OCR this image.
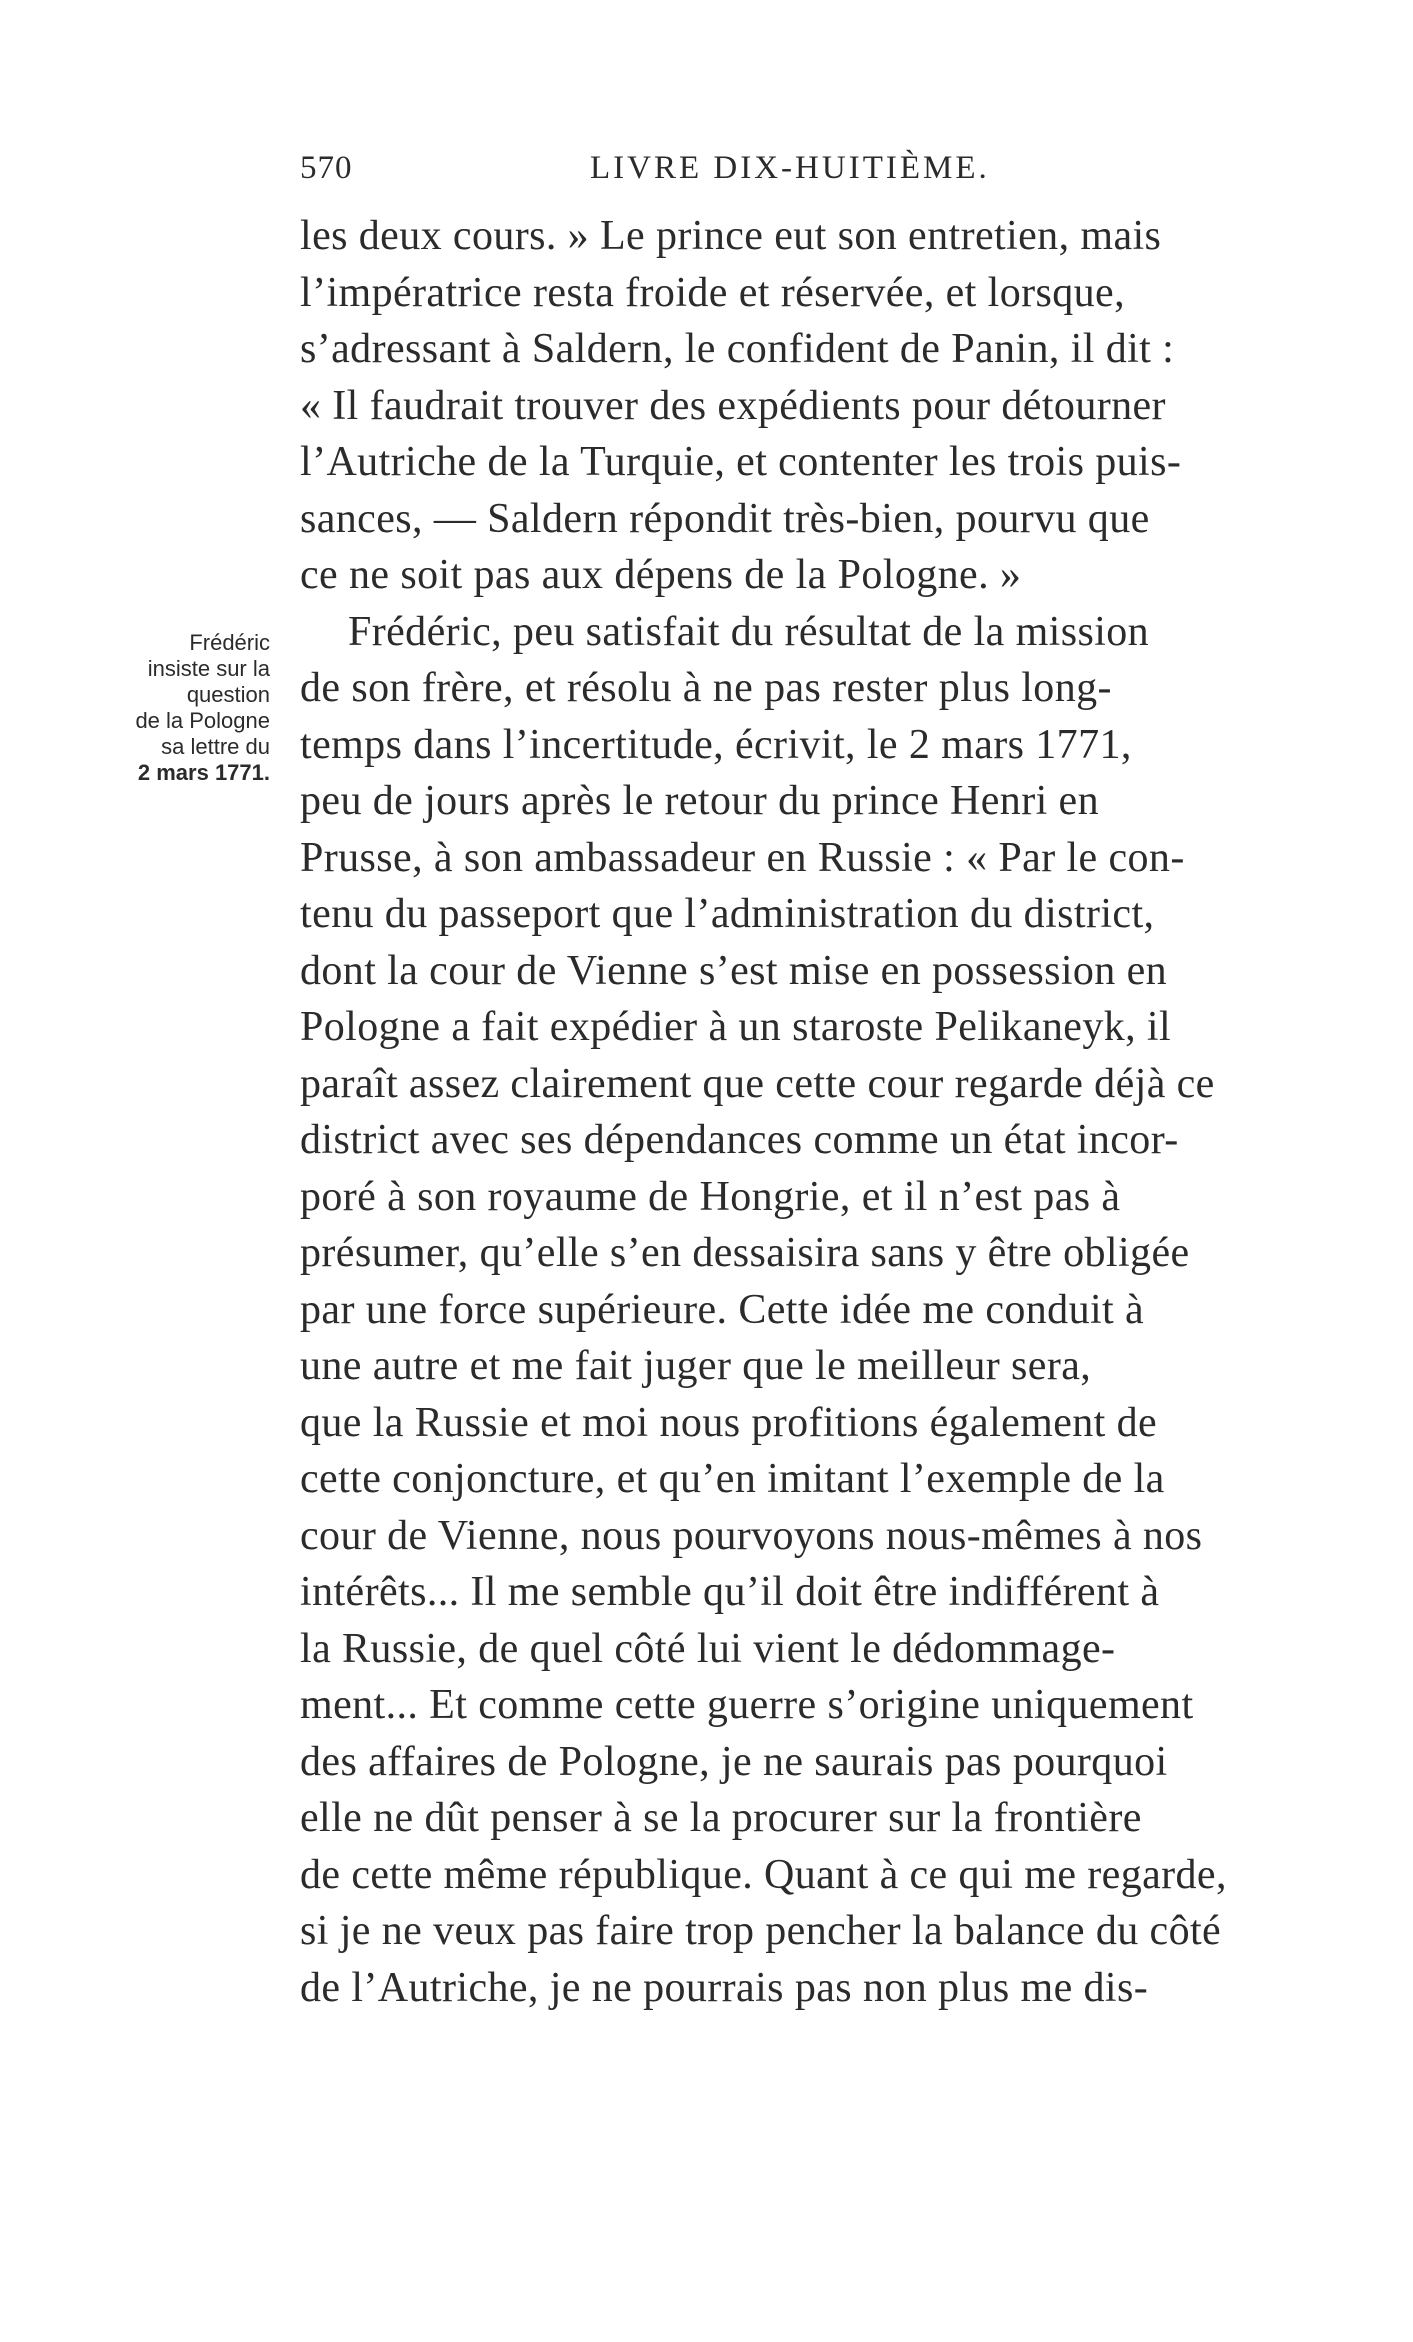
570	LIVRE DIX-HUITIÈME.
Frédéric
insiste sur la
question
de la Pologne
sa lettre du
2 mars 1771.
les deux cours. » Le prince eut son entretien, mais
l’impératrice resta froide et réservée, et lorsque,
s’adressant à Saldern, le confident de Panin, il dit :
« Il faudrait trouver des expédients pour détourner
l’Autriche de la Turquie, et contenter les trois puis-
sances, — Saldern répondit très-bien, pourvu que
ce ne soit pas aux dépens de la Pologne. »
Frédéric, peu satisfait du résultat de la mission
de son frère, et résolu à ne pas rester plus long-
temps dans l’incertitude, écrivit, le 2 mars 1771,
peu de jours après le retour du prince Henri en
Prusse, à son ambassadeur en Russie : « Par le con-
tenu du passeport que l’administration du district,
dont la cour de Vienne s’est mise en possession en
Pologne a fait expédier à un staroste Pelikaneyk, il
paraît assez clairement que cette cour regarde déjà ce
district avec ses dépendances comme un état incor-
poré à son royaume de Hongrie, et il n’est pas à
présumer, qu’elle s’en dessaisira sans y être obligée
par une force supérieure. Cette idée me conduit à
une autre et me fait juger que le meilleur sera,
que la Russie et moi nous profitions également de
cette conjoncture, et qu’en imitant l’exemple de la
cour de Vienne, nous pourvoyons nous-mêmes à nos
intérêts... Il me semble qu’il doit être indifférent à
la Russie, de quel côté lui vient le dédommage-
ment... Et comme cette guerre s’origine uniquement
des affaires de Pologne, je ne saurais pas pourquoi
elle ne dût penser à se la procurer sur la frontière
de cette même république. Quant à ce qui me regarde,
si je ne veux pas faire trop pencher la balance du côté
de l’Autriche, je ne pourrais pas non plus me dis-
